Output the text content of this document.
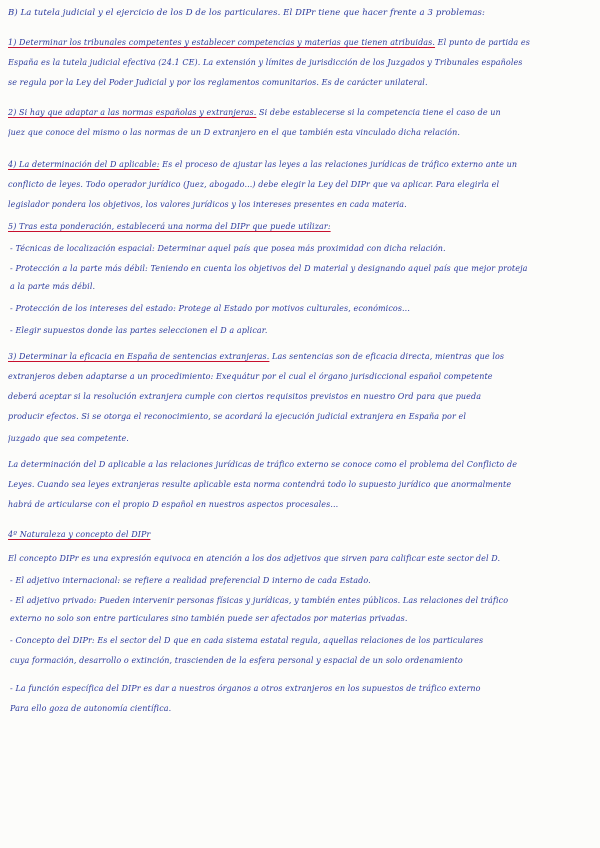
B) La tutela judicial y el ejercicio de los D de los particulares. El DIPr tiene que hacer frente a 3 problemas:
1) Determinar los tribunales competentes y establecer competencias y materias que tienen atribuidas. El punto de partida es
España es la tutela judicial efectiva (24.1 CE). La extensión y límites de jurisdicción de los Juzgados y Tribunales españoles
se regula por la Ley del Poder Judicial y por los reglamentos comunitarios. Es de carácter unilateral.
2) Si hay que adaptar a las normas españolas y extranjeras. Si debe establecerse si la competencia tiene el caso de un
juez que conoce del mismo o las normas de un D extranjero en el que también esta vinculado dicha relación.
4) La determinación del D aplicable: Es el proceso de ajustar las leyes a las relaciones jurídicas de tráfico externo ante un
conflicto de leyes. Todo operador jurídico (Juez, abogado...) debe elegir la Ley del DIPr que va aplicar. Para elegirla el
legislador pondera los objetivos, los valores jurídicos y los intereses presentes en cada materia.
5) Tras esta ponderación, establecerá una norma del DIPr que puede utilizar:
- Técnicas de localización espacial: Determinar aquel país que posea más proximidad con dicha relación.
- Protección a la parte más débil: Teniendo en cuenta los objetivos del D material y designando aquel país que mejor proteja
a la parte más débil.
- Protección de los intereses del estado: Protege al Estado por motivos culturales, económicos...
- Elegir supuestos donde las partes seleccionen el D a aplicar.
3) Determinar la eficacia en España de sentencias extranjeras. Las sentencias son de eficacia directa, mientras que los
extranjeros deben adaptarse a un procedimiento: Exequátur por el cual el órgano jurisdiccional español competente
deberá aceptar si la resolución extranjera cumple con ciertos requisitos previstos en nuestro Ord para que pueda
producir efectos. Si se otorga el reconocimiento, se acordará la ejecución judicial extranjera en España por el
juzgado que sea competente.
La determinación del D aplicable a las relaciones jurídicas de tráfico externo se conoce como el problema del Conflicto de
Leyes. Cuando sea leyes extranjeras resulte aplicable esta norma contendrá todo lo supuesto jurídico que anormalmente
habrá de articularse con el propio D español en nuestros aspectos procesales...
4º Naturaleza y concepto del DIPr
El concepto DIPr es una expresión equivoca en atención a los dos adjetivos que sirven para calificar este sector del D.
- El adjetivo internacional: se refiere a realidad preferencial D interno de cada Estado.
- El adjetivo privado: Pueden intervenir personas físicas y jurídicas, y también entes públicos. Las relaciones del tráfico
externo no solo son entre particulares sino también puede ser afectados por materias privadas.
- Concepto del DIPr: Es el sector del D que en cada sistema estatal regula, aquellas relaciones de los particulares
cuya formación, desarrollo o extinción, trascienden de la esfera personal y espacial de un solo ordenamiento
- La función específica del DIPr es dar a nuestros órganos a otros extranjeros en los supuestos de tráfico externo
Para ello goza de autonomía científica.
